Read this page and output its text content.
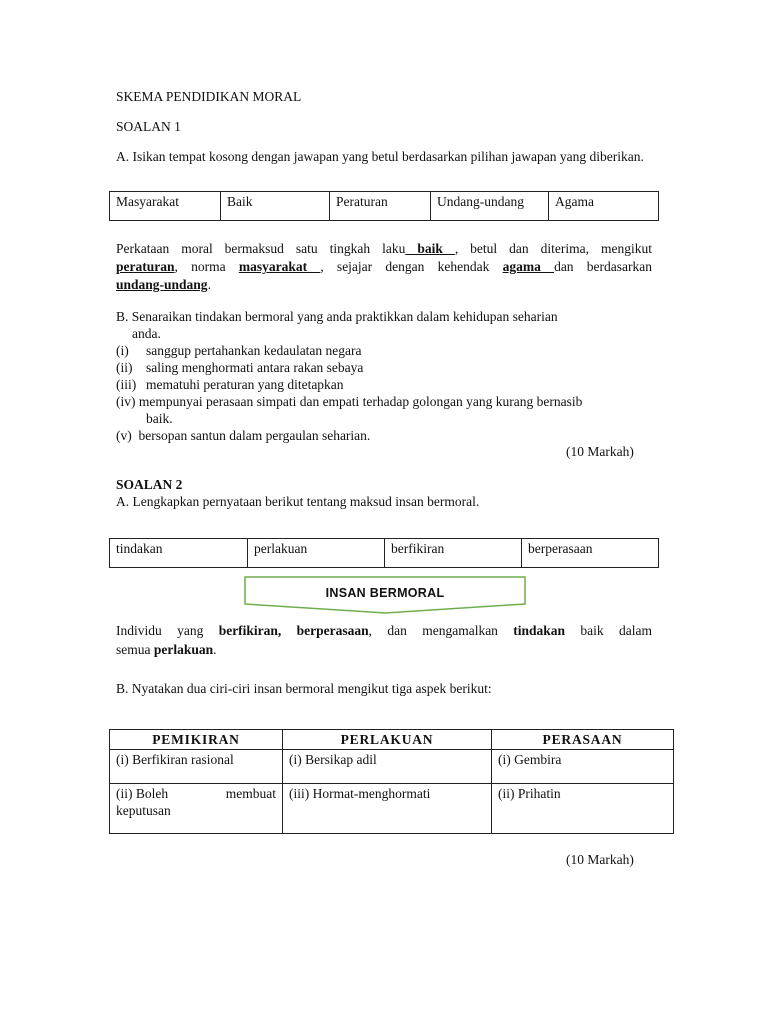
SKEMA PENDIDIKAN MORAL
SOALAN 1
A. Isikan tempat kosong dengan jawapan yang betul berdasarkan pilihan jawapan yang diberikan.
Masyarakat	Baik	Peraturan	Undang-undang	Agama
Perkataan moral bermaksud satu tingkah laku baik , betul dan diterima, mengikut
peraturan, norma masyarakat , sejajar dengan kehendak agama dan berdasarkan
undang-undang.
B. Senaraikan tindakan bermoral yang anda praktikkan dalam kehidupan seharian
anda.
(i) sanggup pertahankan kedaulatan negara
(ii) saling menghormati antara rakan sebaya
(iii) mematuhi peraturan yang ditetapkan
(iv) mempunyai perasaan simpati dan empati terhadap golongan yang kurang bernasib
baik.
(v) bersopan santun dalam pergaulan seharian.
(10 Markah)
SOALAN 2
A. Lengkapkan pernyataan berikut tentang maksud insan bermoral.
tindakan	perlakuan	berfikiran	berperasaan
INSAN BERMORAL
Individu yang berfikiran, berperasaan, dan mengamalkan tindakan baik dalam
semua perlakuan.
B. Nyatakan dua ciri-ciri insan bermoral mengikut tiga aspek berikut:
PEMIKIRAN	PERLAKUAN	PERASAAN
(i) Berfikiran rasional	(i) Bersikap adil	(i) Gembira

(ii) Boleh membuat
keputusan	(iii) Hormat-menghormati	(ii) Prihatin
(10 Markah)
